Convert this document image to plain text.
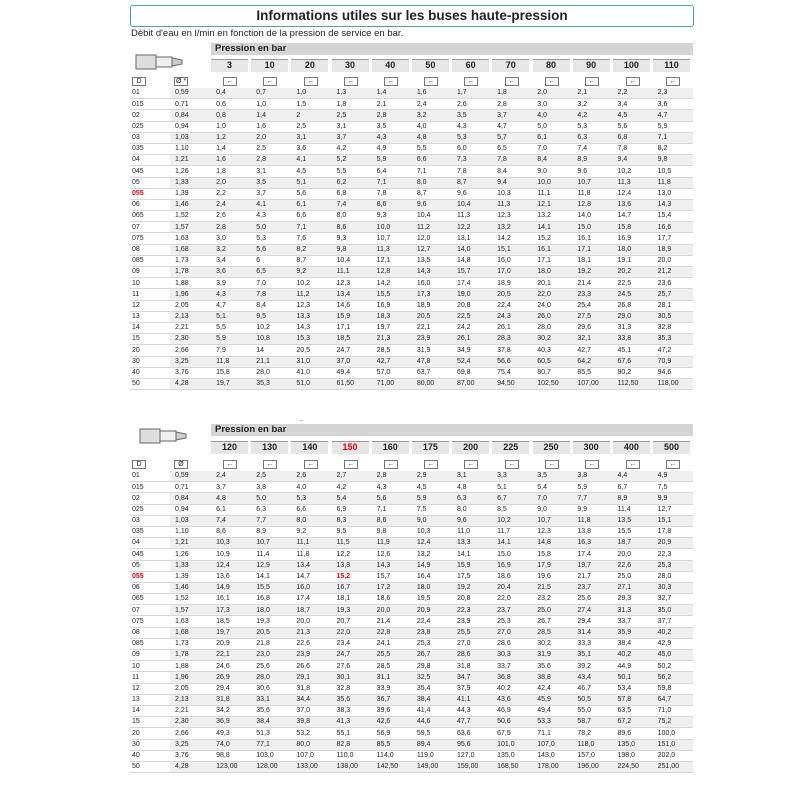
Informations utiles sur les buses haute-pression
Débit d'eau en l/min en fonction de la pression de service en bar.
Pression en bar
3	10	20	30	40	50	60	70	80	90	100	110
D	Ø *	←	←	←	←	←	←	←	←	←	←	←	←
01	0,59	0,4	0,7	1,0	1,3	1,4	1,6	1,7	1,8	2,0	2,1	2,2	2,3
015	0,71	0,6	1,0	1,5	1,8	2,1	2,4	2,6	2,8	3,0	3,2	3,4	3,6
02	0,84	0,8	1,4	2	2,5	2,8	3,2	3,5	3,7	4,0	4,2	4,5	4,7
025	0,94	1,0	1,6	2,5	3,1	3,5	4,0	4,3	4,7	5,0	5,3	5,6	5,9
03	1,03	1,2	2,0	3,1	3,7	4,3	4,8	5,3	5,7	6,1	6,3	6,8	7,1
035	1,10	1,4	2,5	3,6	4,2	4,9	5,5	6,0	6,5	7,0	7,4	7,8	8,2
04	1,21	1,6	2,8	4,1	5,2	5,9	6,6	7,3	7,8	8,4	8,9	9,4	9,8
045	1,26	1,8	3,1	4,5	5,5	6,4	7,1	7,8	8,4	9,0	9,6	10,2	10,5
05	1,33	2,0	3,5	5,1	6,2	7,1	8,0	8,7	9,4	10,0	10,7	11,3	11,8
055	1,39	2,2	3,7	5,6	6,8	7,8	8,7	9,6	10,3	11,1	11,8	12,4	13,0
06	1,46	2,4	4,1	6,1	7,4	8,6	9,6	10,4	11,3	12,1	12,8	13,6	14,3
065	1,52	2,6	4,3	6,6	8,0	9,3	10,4	11,3	12,3	13,2	14,0	14,7	15,4
07	1,57	2,8	5,0	7,1	8,6	10,0	11,2	12,2	13,2	14,1	15,0	15,8	16,6
075	1,63	3,0	5,3	7,6	9,3	10,7	12,0	13,1	14,2	15,2	16,1	16,9	17,7
08	1,68	3,2	5,6	8,2	9,8	11,3	12,7	14,0	15,1	16,1	17,1	18,0	18,9
085	1,73	3,4	6	8,7	10,4	12,1	13,5	14,8	16,0	17,1	18,1	19,1	20,0
09	1,78	3,6	6,5	9,2	11,1	12,8	14,3	15,7	17,0	18,0	19,2	20,2	21,2
10	1,88	3,9	7,0	10,2	12,3	14,2	16,0	17,4	18,9	20,1	21,4	22,5	23,6
11	1,96	4,3	7,8	11,2	13,4	15,5	17,3	19,0	20,5	22,0	23,3	24,5	25,7
12	2,05	4,7	8,4	12,3	14,6	16,9	18,9	20,8	22,4	24,0	25,4	26,8	28,1
13	2,13	5,1	9,5	13,3	15,9	18,3	20,5	22,5	24,3	26,0	27,5	29,0	30,5
14	2,21	5,5	10,2	14,3	17,1	19,7	22,1	24,2	26,1	28,0	29,6	31,3	32,8
15	2,30	5,9	10,8	15,3	18,5	21,3	23,9	26,1	28,3	30,2	32,1	33,8	35,3
20	2,66	7,9	14	20,5	24,7	28,5	31,9	34,9	37,8	40,3	42,7	45,1	47,2
30	3,25	11,8	21,1	31,0	37,0	42,7	47,8	52,4	56,6	60,5	64,2	67,6	70,9
40	3,76	15,8	28,0	41,0	49,4	57,0	63,7	69,8	75,4	80,7	85,5	90,2	94,6
50	4,28	19,7	35,3	51,0	61,50	71,00	80,00	87,00	94,50	102,50	107,00	112,50	118,00
.
Pression en bar
120	130	140	150	160	175	200	225	250	300	400	500
D	Ø	←	←	←	←	←	←	←	←	←	←	←	←
01	0,59	2,4	2,5	2,6	2,7	2,8	2,9	3,1	3,3	3,5	3,8	4,4	4,9
015	0,71	3,7	3,8	4,0	4,2	4,3	4,5	4,8	5,1	5,4	5,9	6,7	7,5
02	0,84	4,8	5,0	5,3	5,4	5,6	5,9	6,3	6,7	7,0	7,7	8,9	9,9
025	0,94	6,1	6,3	6,6	6,9	7,1	7,5	8,0	8,5	9,0	9,9	11,4	12,7
03	1,03	7,4	7,7	8,0	8,3	8,6	9,0	9,6	10,2	10,7	11,8	13,5	15,1
035	1,10	8,6	8,9	9,2	9,5	9,8	10,3	11,0	11,7	12,3	13,8	15,5	17,8
04	1,21	10,3	10,7	11,1	11,5	11,9	12,4	13,3	14,1	14,8	16,3	18,7	20,9
045	1,26	10,9	11,4	11,8	12,2	12,6	13,2	14,1	15,0	15,8	17,4	20,0	22,3
05	1,33	12,4	12,9	13,4	13,8	14,3	14,9	15,9	16,9	17,9	19,7	22,6	25,3
055	1,39	13,6	14,1	14,7	15,2	15,7	16,4	17,5	18,6	19,6	21,7	25,0	28,0
06	1,46	14,9	15,5	16,0	16,7	17,2	18,0	19,2	20,4	21,5	23,7	27,1	30,3
065	1,52	16,1	16,8	17,4	18,1	18,6	19,5	20,8	22,0	23,2	25,6	29,3	32,7
07	1,57	17,3	18,0	18,7	19,3	20,0	20,9	22,3	23,7	25,0	27,4	31,3	35,0
075	1,63	18,5	19,3	20,0	20,7	21,4	22,4	23,9	25,3	26,7	29,4	33,7	37,7
08	1,68	19,7	20,5	21,3	22,0	22,8	23,8	25,5	27,0	28,5	31,4	35,9	40,2
085	1,73	20,9	21,8	22,6	23,4	24,1	25,3	27,0	28,6	30,2	33,3	38,4	42,9
09	1,78	22,1	23,0	23,9	24,7	25,5	26,7	28,6	30,3	31,9	35,1	40,2	45,0
10	1,88	24,6	25,6	26,6	27,6	28,5	29,8	31,8	33,7	35,6	39,2	44,9	50,2
11	1,96	26,9	28,0	29,1	30,1	31,1	32,5	34,7	36,8	38,8	43,4	50,1	56,2
12	2,05	29,4	30,6	31,8	32,8	33,9	35,4	37,9	40,2	42,4	46,7	53,4	59,8
13	2,13	31,8	33,1	34,4	35,6	36,7	38,4	41,1	43,6	45,9	50,5	57,8	64,7
14	2,21	34,2	35,6	37,0	38,3	39,6	41,4	44,3	46,9	49,4	55,0	63,5	71,0
15	2,30	36,9	38,4	39,8	41,3	42,6	44,6	47,7	50,6	53,3	58,7	67,2	75,2
20	2,66	49,3	51,3	53,2	55,1	56,9	59,5	63,6	67,5	71,1	78,2	89,6	100,0
30	3,25	74,0	77,1	80,0	82,8	85,5	89,4	95,6	101,0	107,0	118,0	135,0	151,0
40	3,76	98,8	103,0	107,0	110,0	114,0	119,0	127,0	135,0	143,0	157,0	198,0	202,0
50	4,28	123,00	128,00	133,00	138,00	142,50	149,00	159,00	168,50	178,00	196,00	224,50	251,00
